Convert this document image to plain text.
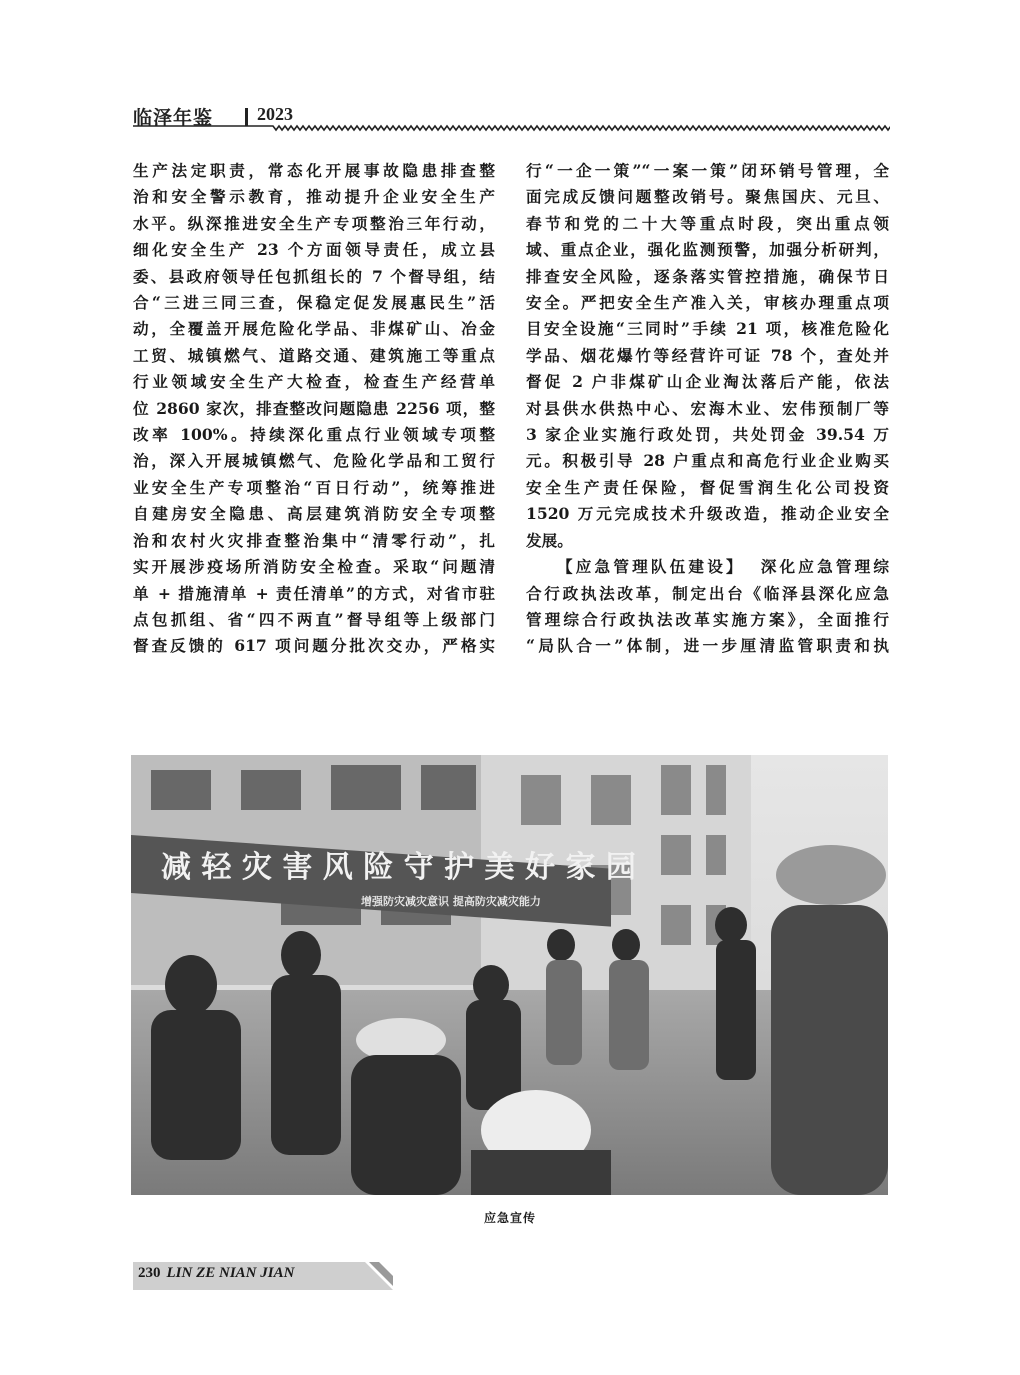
临泽年鉴 2023
生产法定职责，常态化开展事故隐患排查整
治和安全警示教育，推动提升企业安全生产
水平。纵深推进安全生产专项整治三年行动，
细化安全生产 23 个方面领导责任，成立县
委、县政府领导任包抓组长的 7 个督导组，结
合“三进三同三查，保稳定促发展惠民生”活
动，全覆盖开展危险化学品、非煤矿山、冶金
工贸、城镇燃气、道路交通、建筑施工等重点
行业领域安全生产大检查，检查生产经营单
位 2860 家次，排查整改问题隐患 2256 项，整
改率 100%。持续深化重点行业领域专项整
治，深入开展城镇燃气、危险化学品和工贸行
业安全生产专项整治“百日行动”，统筹推进
自建房安全隐患、高层建筑消防安全专项整
治和农村火灾排查整治集中“清零行动”，扎
实开展涉疫场所消防安全检查。采取“问题清
单 + 措施清单 + 责任清单”的方式，对省市驻
点包抓组、省“四不两直”督导组等上级部门
督查反馈的 617 项问题分批次交办，严格实
行“一企一策”“一案一策”闭环销号管理，全
面完成反馈问题整改销号。聚焦国庆、元旦、
春节和党的二十大等重点时段，突出重点领
域、重点企业，强化监测预警，加强分析研判，
排查安全风险，逐条落实管控措施，确保节日
安全。严把安全生产准入关，审核办理重点项
目安全设施“三同时”手续 21 项，核准危险化
学品、烟花爆竹等经营许可证 78 个，查处并
督促 2 户非煤矿山企业淘汰落后产能，依法
对县供水供热中心、宏海木业、宏伟预制厂等
3 家企业实施行政处罚，共处罚金 39.54 万
元。积极引导 28 户重点和高危行业企业购买
安全生产责任保险，督促雪润生化公司投资
1520 万元完成技术升级改造，推动企业安全
发展。
【应急管理队伍建设】 深化应急管理综
合行政执法改革，制定出台《临泽县深化应急
管理综合行政执法改革实施方案》，全面推行
“局队合一”体制，进一步厘清监管职责和执
减 轻 灾 害 风 险 守 护 美 好 家 园
增强防灾减灾意识 提高防灾减灾能力
应急宣传
230 LIN ZE NIAN JIAN
